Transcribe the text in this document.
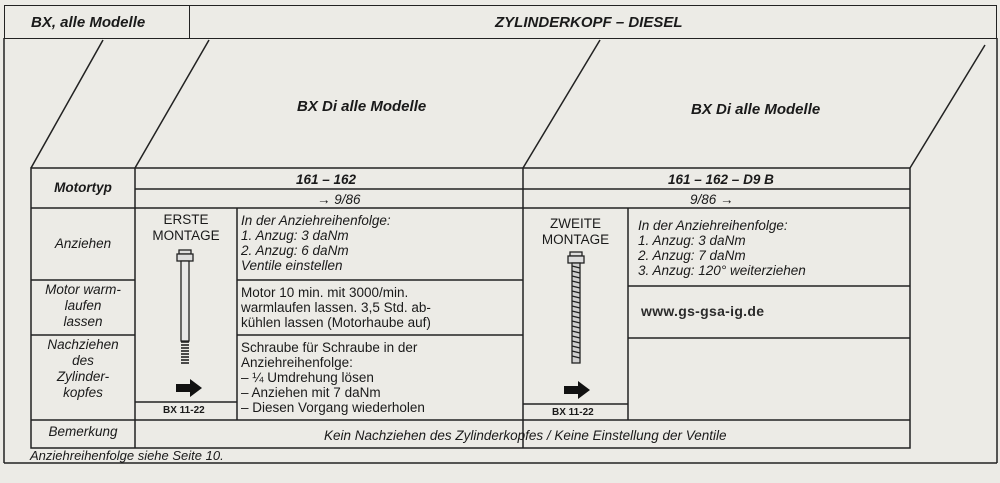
BX, alle Modelle	ZYLINDERKOPF – DIESEL
BX Di alle Modelle	BX Di alle Modelle
Motortyp
Anziehen
Motor warm-
laufen
lassen
Nachziehen
des
Zylinder-
kopfes
Bemerkung
161 – 162
→ 9/86
161 – 162 – D9 B
9/86 →
ERSTE
MONTAGE
BX 11-22
In der Anziehreihenfolge:
1. Anzug: 3 daNm
2. Anzug: 6 daNm
Ventile einstellen
Motor 10 min. mit 3000/min.
warmlaufen lassen. 3,5 Std. ab-
kühlen lassen (Motorhaube auf)
Schraube für Schraube in der
Anziehreihenfolge:
– ¼ Umdrehung lösen
– Anziehen mit 7 daNm
– Diesen Vorgang wiederholen
ZWEITE
MONTAGE
BX 11-22
In der Anziehreihenfolge:
1. Anzug: 3 daNm
2. Anzug: 7 daNm
3. Anzug: 120° weiterziehen
www.gs-gsa-ig.de
Kein Nachziehen des Zylinderkopfes / Keine Einstellung der Ventile
Anziehreihenfolge siehe Seite 10.
